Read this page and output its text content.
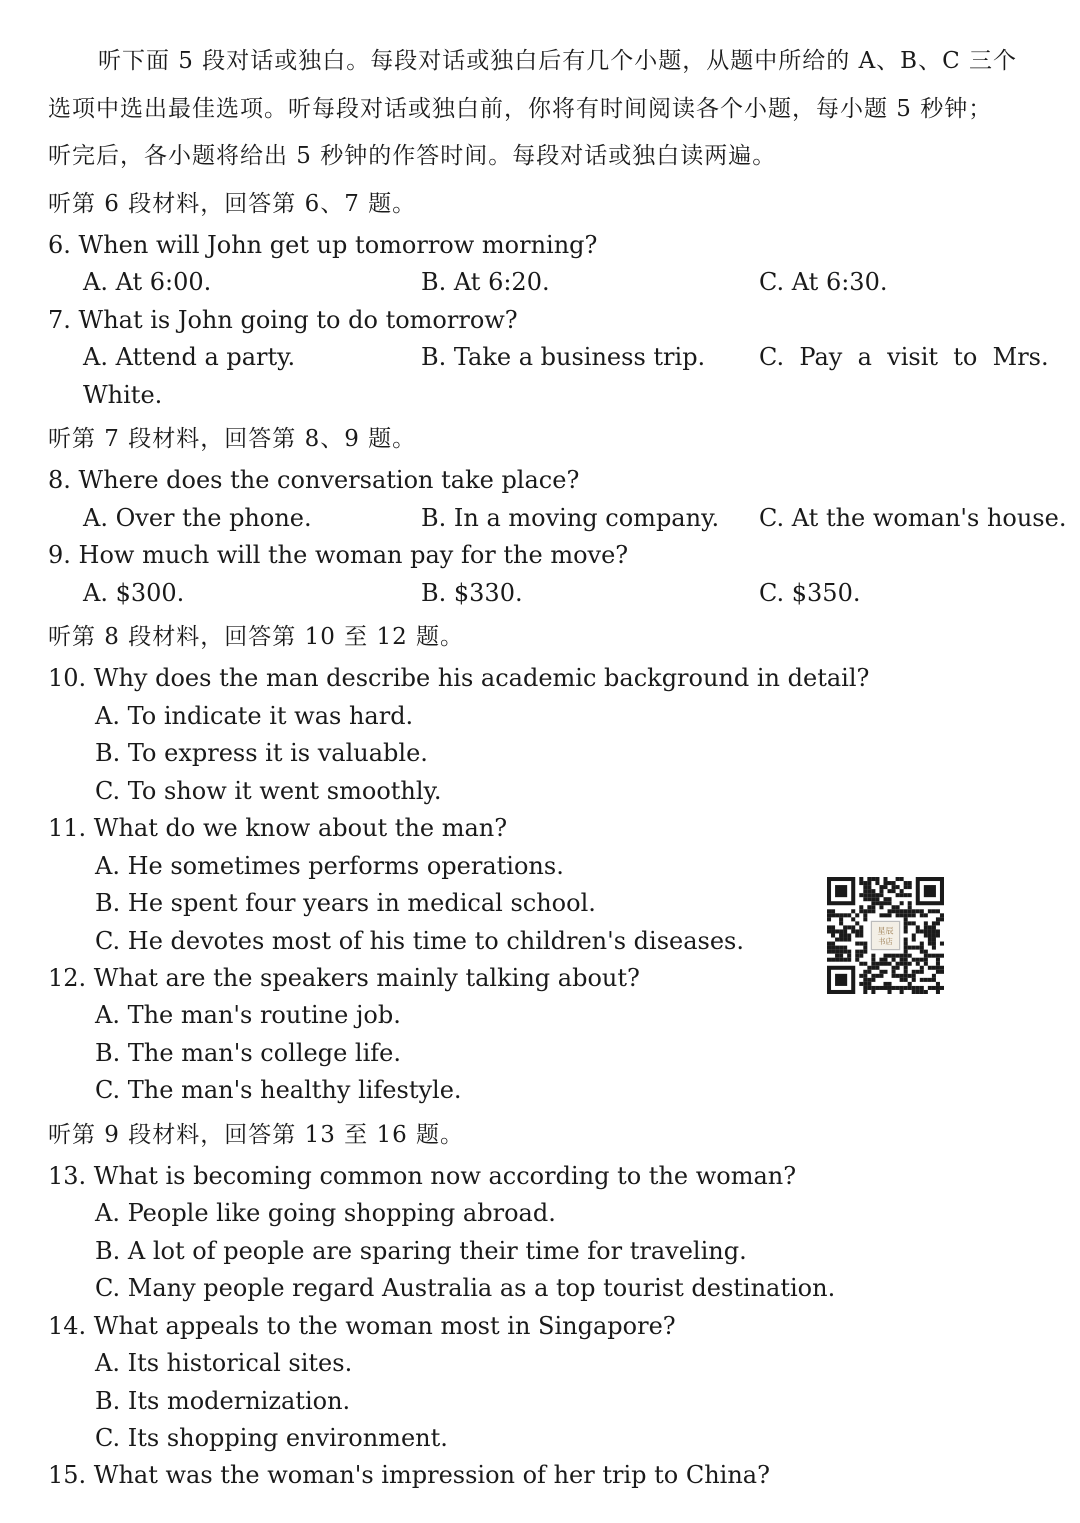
听下面 5 段对话或独白。每段对话或独白后有几个小题，从题中所给的 A、B、C 三个
选项中选出最佳选项。听每段对话或独白前，你将有时间阅读各个小题，每小题 5 秒钟；
听完后，各小题将给出 5 秒钟的作答时间。每段对话或独白读两遍。
听第 6 段材料，回答第 6、7 题。
6. When will John get up tomorrow morning?
A. At 6:00.	B. At 6:20.	C. At 6:30.
7. What is John going to do tomorrow?
A. Attend a party.	B. Take a business trip. C.  Pay  a  visit  to  Mrs.
White.
听第 7 段材料，回答第 8、9 题。
8. Where does the conversation take place?
A. Over the phone.	B. In a moving company. C. At the woman's house.
9. How much will the woman pay for the move?
A. $300.	B. $330.	C. $350.
听第 8 段材料，回答第 10 至 12 题。
10. Why does the man describe his academic background in detail?
A. To indicate it was hard.
B. To express it is valuable.
C. To show it went smoothly.
11. What do we know about the man?
A. He sometimes performs operations.
B. He spent four years in medical school.
C. He devotes most of his time to children's diseases.
12. What are the speakers mainly talking about?
A. The man's routine job.
B. The man's college life.
C. The man's healthy lifestyle.
听第 9 段材料，回答第 13 至 16 题。
13. What is becoming common now according to the woman?
A. People like going shopping abroad.
B. A lot of people are sparing their time for traveling.
C. Many people regard Australia as a top tourist destination.
14. What appeals to the woman most in Singapore?
A. Its historical sites.
B. Its modernization.
C. Its shopping environment.
15. What was the woman's impression of her trip to China?
星辰
书店
